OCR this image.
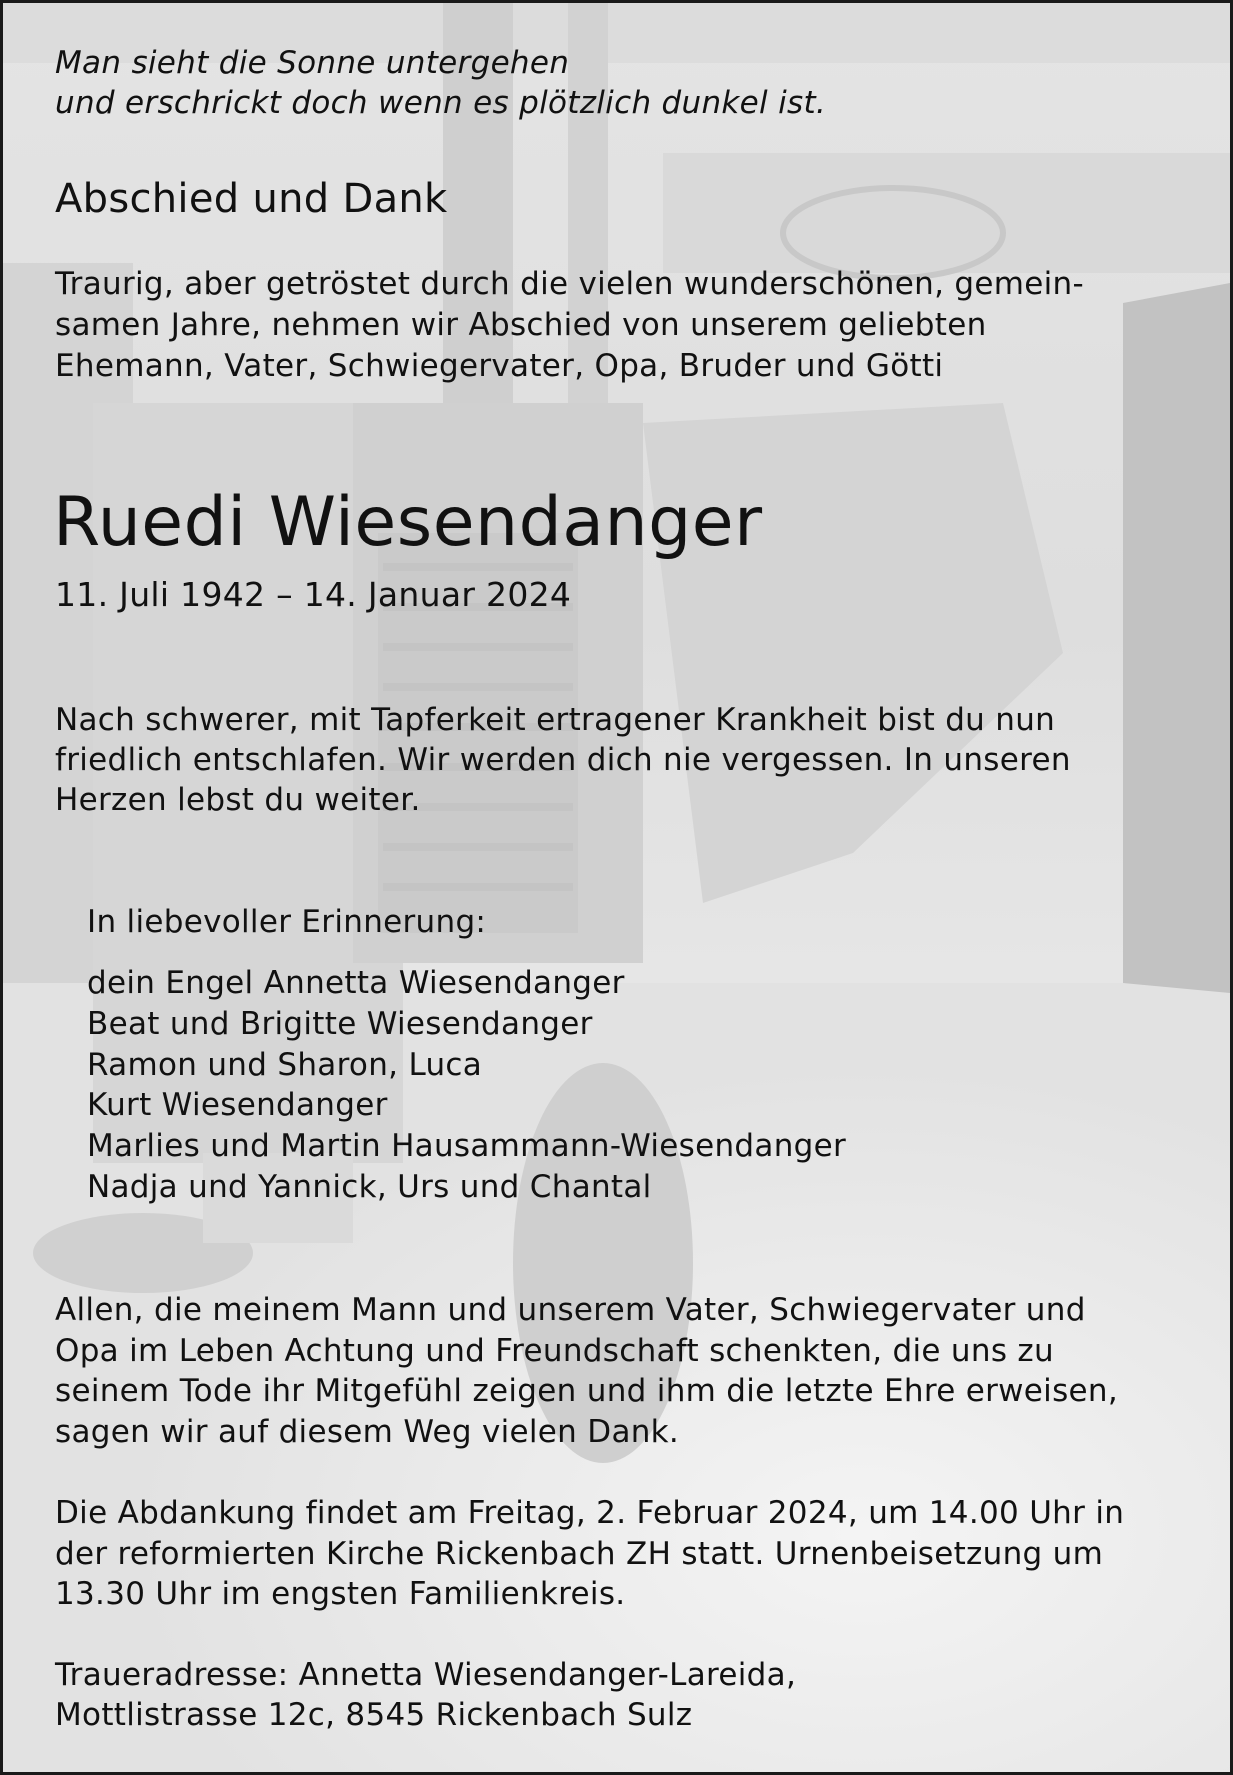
Man sieht die Sonne untergehen
und erschrickt doch wenn es plötzlich dunkel ist.
Abschied und Dank

Traurig, aber getröstet durch die vielen wunderschönen, gemein-
samen Jahre, nehmen wir Abschied von unserem geliebten
Ehemann, Vater, Schwiegervater, Opa, Bruder und Götti

Ruedi Wiesendanger

11. Juli 1942 – 14. Januar 2024

Nach schwerer, mit Tapferkeit ertragener Krankheit bist du nun
friedlich entschlafen. Wir werden dich nie vergessen. In unseren
Herzen lebst du weiter.

In liebevoller Erinnerung:

dein Engel Annetta Wiesendanger
Beat und Brigitte Wiesendanger
Ramon und Sharon, Luca
Kurt Wiesendanger
Marlies und Martin Hausammann-Wiesendanger
Nadja und Yannick, Urs und Chantal

Allen, die meinem Mann und unserem Vater, Schwiegervater und
Opa im Leben Achtung und Freundschaft schenkten, die uns zu
seinem Tode ihr Mitgefühl zeigen und ihm die letzte Ehre erweisen,
sagen wir auf diesem Weg vielen Dank.

Die Abdankung findet am Freitag, 2. Februar 2024, um 14.00 Uhr in
der reformierten Kirche Rickenbach ZH statt. Urnenbeisetzung um
13.30 Uhr im engsten Familienkreis.

Traueradresse: Annetta Wiesendanger-Lareida,
Mottlistrasse 12c, 8545 Rickenbach Sulz
